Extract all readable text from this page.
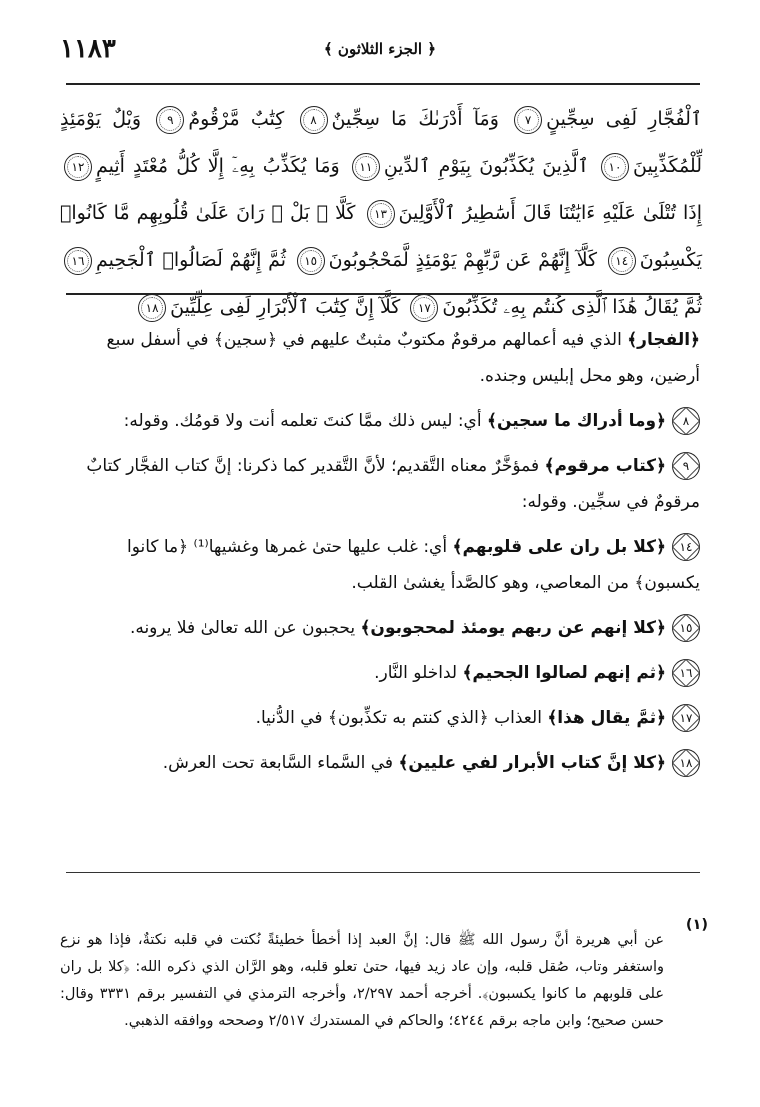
١١٨٣	﴿ الجزء الثلاثون ﴾
ٱلْفُجَّارِ لَفِى سِجِّينٍ٧ وَمَآ أَدْرَىٰكَ مَا سِجِّينٌ٨ كِتَٰبٌ مَّرْقُومٌ٩ وَيْلٌ يَوْمَئِذٍ لِّلْمُكَذِّبِينَ١٠ ٱلَّذِينَ يُكَذِّبُونَ بِيَوْمِ ٱلدِّينِ١١ وَمَا يُكَذِّبُ بِهِۦٓ إِلَّا كُلُّ مُعْتَدٍ أَثِيمٍ١٢ إِذَا تُتْلَىٰ عَلَيْهِ ءَايَٰتُنَا قَالَ أَسَٰطِيرُ ٱلْأَوَّلِينَ١٣ كَلَّا ۖ بَلْ ۜ رَانَ عَلَىٰ قُلُوبِهِم مَّا كَانُوا۟ يَكْسِبُونَ١٤ كَلَّآ إِنَّهُمْ عَن رَّبِّهِمْ يَوْمَئِذٍ لَّمَحْجُوبُونَ١٥ ثُمَّ إِنَّهُمْ لَصَالُوا۟ ٱلْجَحِيمِ١٦ ثُمَّ يُقَالُ هَٰذَا ٱلَّذِى كُنتُم بِهِۦ تُكَذِّبُونَ١٧ كَلَّآ إِنَّ كِتَٰبَ ٱلْأَبْرَارِ لَفِى عِلِّيِّينَ١٨

﴿الفجار﴾ الذي فيه أعمالهم مرقومٌ مكتوبٌ مثبتٌ عليهم في ﴿سجين﴾ في أسفل سبع أرضين، وهو محل إبليس وجنده.

٨﴿وما أدراك ما سجين﴾ أي: ليس ذلك ممَّا كنتَ تعلمه أنت ولا قومُك. وقوله:

٩﴿كتاب مرقوم﴾ فمؤخَّرٌ معناه التَّقديم؛ لأنَّ التَّقدير كما ذكرنا: إنَّ كتاب الفجَّار كتابٌ مرقومٌ في سجِّين. وقوله:

١٤﴿كلا بل ران على قلوبهم﴾ أي: غلب عليها حتىٰ غمرها وغشيها⁽¹⁾ ﴿ما كانوا يكسبون﴾ من المعاصي، وهو كالصَّدأ يغشىٰ القلب.

١٥﴿كلا إنهم عن ربهم يومئذ لمحجوبون﴾ يحجبون عن الله تعالىٰ فلا يرونه.

١٦﴿ثم إنهم لصالوا الجحيم﴾ لداخلو النَّار.

١٧﴿ثمَّ يقال هذا﴾ العذاب ﴿الذي كنتم به تكذِّبون﴾ في الدُّنيا.

١٨﴿كلا إنَّ كتاب الأبرار لفي عليين﴾ في السَّماء السَّابعة تحت العرش.

(١)

عن أبي هريرة أنَّ رسول الله ﷺ قال: إنَّ العبد إذا أخطأ خطيئةً نُكتت في قلبه نكتةٌ، فإذا هو نزع واستغفر وتاب، صُقل قلبه، وإن عاد زيد فيها، حتىٰ تعلو قلبه، وهو الرَّان الذي ذكره الله: ﴿كلا بل ران على قلوبهم ما كانوا يكسبون﴾. أخرجه أحمد ٢/٢٩٧، وأخرجه الترمذي في التفسير برقم ٣٣٣١ وقال: حسن صحيح؛ وابن ماجه برقم ٤٢٤٤؛ والحاكم في المستدرك ٢/٥١٧ وصححه ووافقه الذهبي.
